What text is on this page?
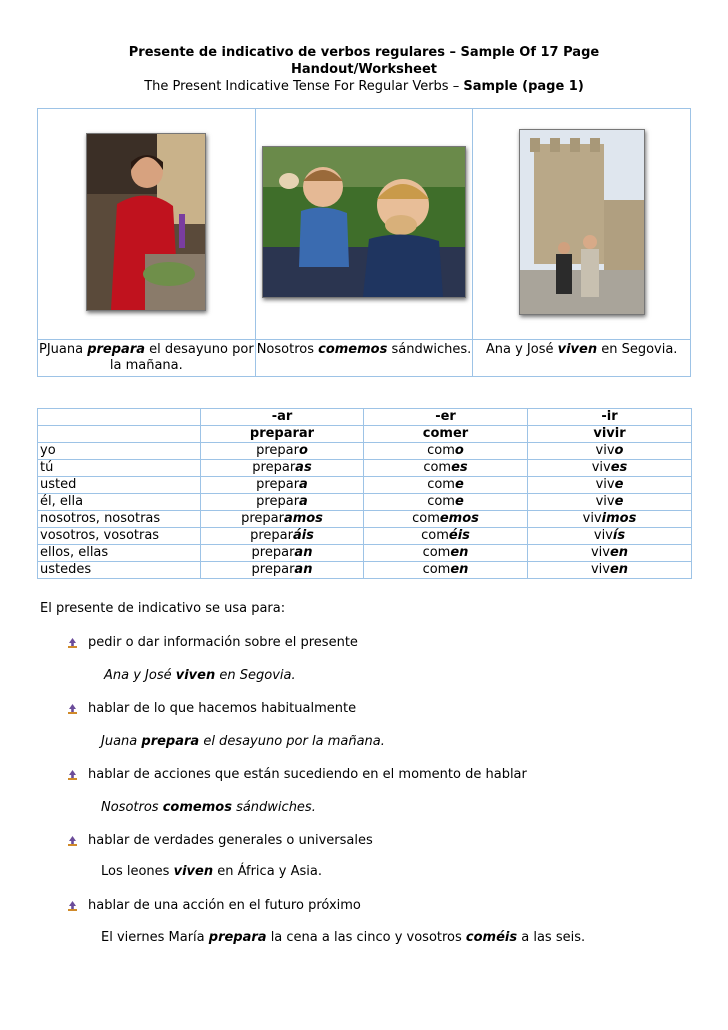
Presente de indicativo de verbos regulares – Sample Of 17 Page
Handout/Worksheet
The Present Indicative Tense For Regular Verbs – Sample (page 1)

PJuana prepara el desayuno por la mañana.	Nosotros comemos sándwiches.	Ana y José viven en Segovia.
	-ar	-er	-ir
	preparar	comer	vivir
yo	preparo	como	vivo
tú	preparas	comes	vives
usted	prepara	come	vive
él, ella	prepara	come	vive
nosotros, nosotras	preparamos	comemos	vivimos
vosotros, vosotras	preparáis	coméis	vivís
ellos, ellas	preparan	comen	viven
ustedes	preparan	comen	viven
El presente de indicativo se usa para:
pedir o dar información sobre el presente
Ana y José viven en Segovia.
hablar de lo que hacemos habitualmente
Juana prepara el desayuno por la mañana.
hablar de acciones que están sucediendo en el momento de hablar
Nosotros comemos sándwiches.
hablar de verdades generales o universales
Los leones viven en África y Asia.
hablar de una acción en el futuro próximo
El viernes María prepara la cena a las cinco y vosotros coméis a las seis.
